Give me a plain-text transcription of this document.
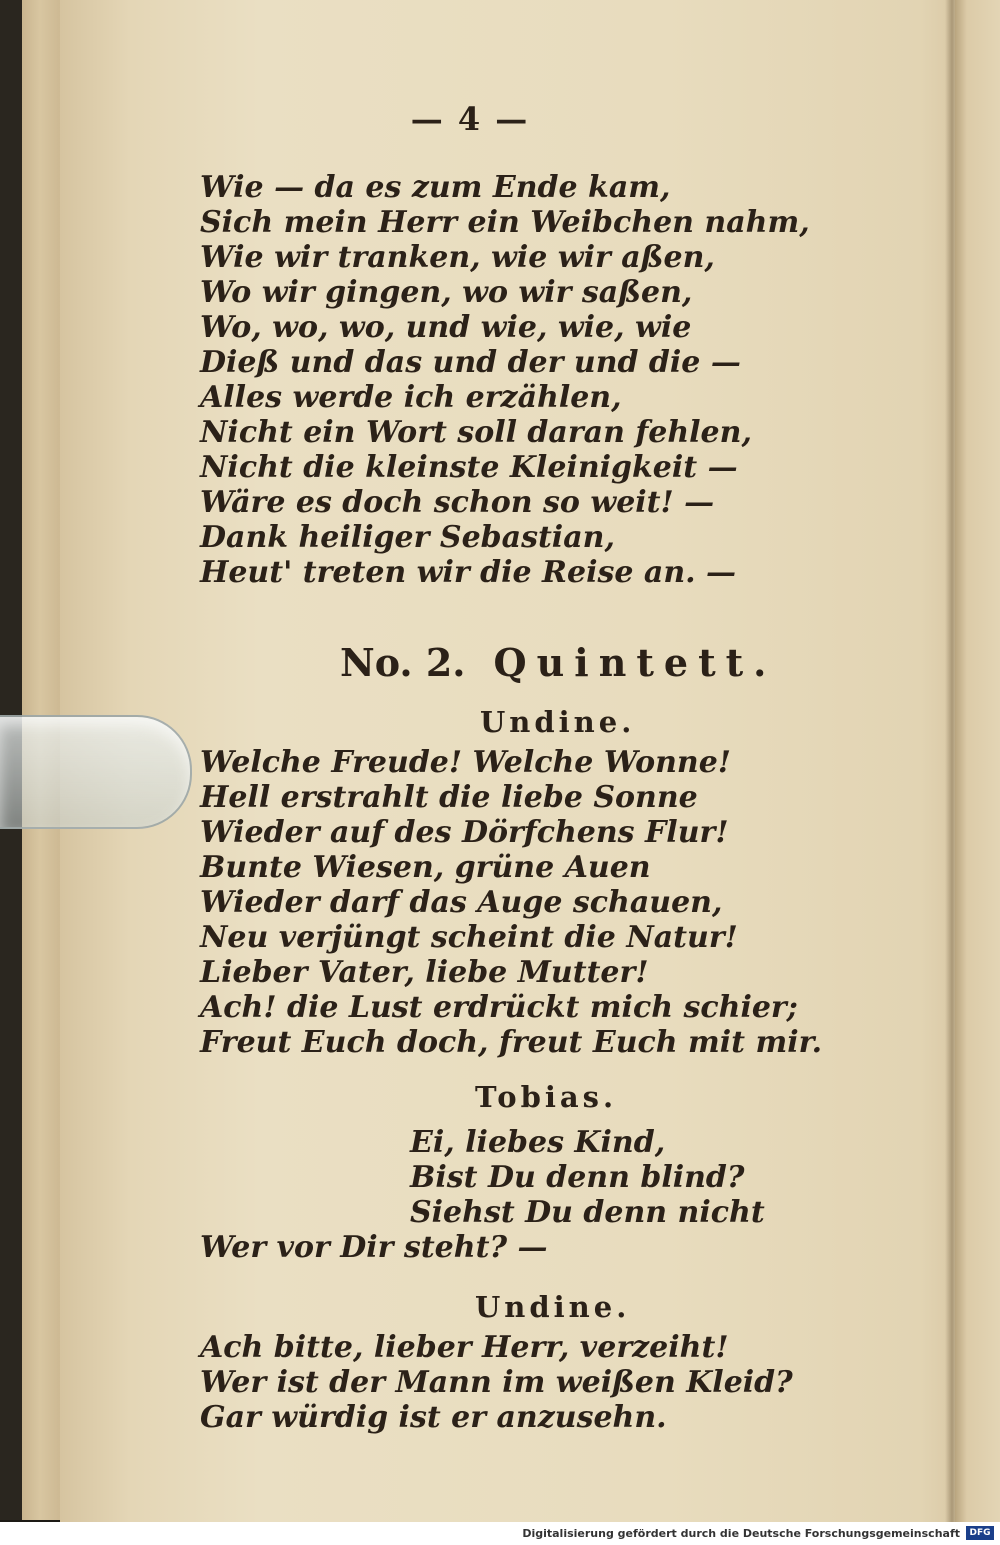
— 4 —
Wie — da es zum Ende kam,
Sich mein Herr ein Weibchen nahm,
Wie wir tranken, wie wir aßen,
Wo wir gingen, wo wir saßen,
Wo, wo, wo, und wie, wie, wie
Dieß und das und der und die —
Alles werde ich erzählen,
Nicht ein Wort soll daran fehlen,
Nicht die kleinste Kleinigkeit —
Wäre es doch schon so weit! —
Dank heiliger Sebastian,
Heut' treten wir die Reise an. —
No. 2. Quintett.
Undine.
Welche Freude! Welche Wonne!
Hell erstrahlt die liebe Sonne
Wieder auf des Dörfchens Flur!
Bunte Wiesen, grüne Auen
Wieder darf das Auge schauen,
Neu verjüngt scheint die Natur!
Lieber Vater, liebe Mutter!
Ach! die Lust erdrückt mich schier;
Freut Euch doch, freut Euch mit mir.
Tobias.
Ei, liebes Kind,
Bist Du denn blind?
Siehst Du denn nicht
Wer vor Dir steht? —
Undine.
Ach bitte, lieber Herr, verzeiht!
Wer ist der Mann im weißen Kleid?
Gar würdig ist er anzusehn.
Digitalisierung gefördert durch die Deutsche Forschungsgemeinschaft	DFG
